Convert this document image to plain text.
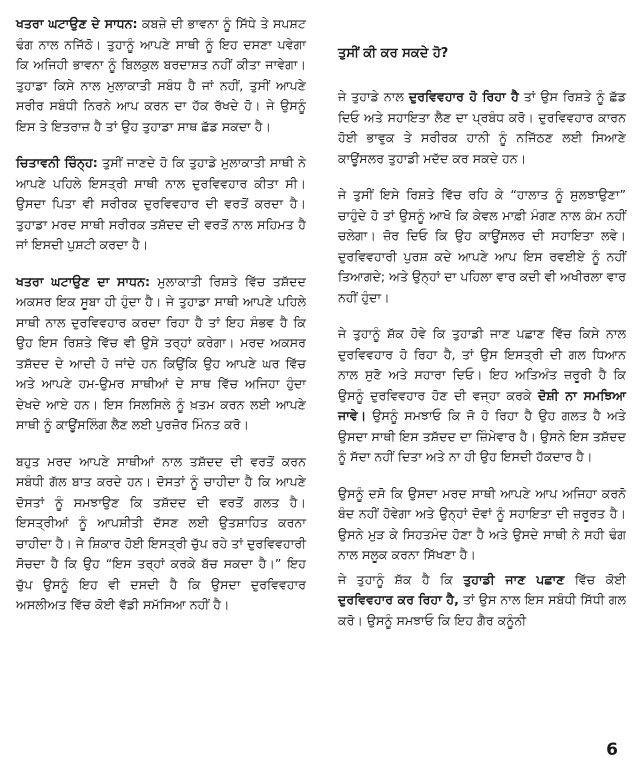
ਖਤਰਾ ਘਟਾਉਣ ਦੇ ਸਾਧਨ: ਕਬਜ਼ੇ ਦੀ ਭਾਵਨਾ ਨੂੰ ਸਿੱਧੇ ਤੇ ਸਪਸ਼ਟ ਢੰਗ ਨਾਲ ਨਜਿੱਠੋ। ਤੁਹਾਨੂੰ ਆਪਣੇ ਸਾਥੀ ਨੂੰ ਇਹ ਦਸਣਾ ਪਵੇਗਾ ਕਿ ਅਜਿਹੀ ਭਾਵਨਾ ਨੂੰ ਬਿਲਕੁਲ ਬਰਦਾਸ਼ਤ ਨਹੀਂ ਕੀਤਾ ਜਾਵੇਗਾ। ਤੁਹਾਡਾ ਕਿਸੇ ਨਾਲ ਮੁਲਾਕਾਤੀ ਸਬੰਧ ਹੈ ਜਾਂ ਨਹੀਂ, ਤੁਸੀਂ ਆਪਣੇ ਸਰੀਰ ਸਬੰਧੀ ਨਿਰਨੇ ਆਪ ਕਰਨ ਦਾ ਹੱਕ ਰੱਖਦੇ ਹੋ। ਜੇ ਉਸਨੂੰ ਇਸ ਤੇ ਇਤਰਾਜ਼ ਹੈ ਤਾਂ ਉਹ ਤੁਹਾਡਾ ਸਾਥ ਛੱਡ ਸਕਦਾ ਹੈ।

ਚਿਤਾਵਨੀ ਚਿੰਨ੍ਹ: ਤੁਸੀਂ ਜਾਣਦੇ ਹੋ ਕਿ ਤੁਹਾਡੇ ਮੁਲਾਕਾਤੀ ਸਾਥੀ ਨੇ ਆਪਣੇ ਪਹਿਲੇ ਇਸਤ੍ਰੀ ਸਾਥੀ ਨਾਲ ਦੁਰਵਿਵਹਾਰ ਕੀਤਾ ਸੀ। ਉਸਦਾ ਪਿਤਾ ਵੀ ਸਰੀਰਕ ਦੁਰਵਿਵਹਾਰ ਦੀ ਵਰਤੋਂ ਕਰਦਾ ਹੈ। ਤੁਹਾਡਾ ਮਰਦ ਸਾਥੀ ਸਰੀਰਕ ਤਸ਼ੱਦਦ ਦੀ ਵਰਤੋਂ ਨਾਲ ਸਹਿਮਤ ਹੈ ਜਾਂ ਇਸਦੀ ਪੁਸ਼ਟੀ ਕਰਦਾ ਹੈ।

ਖਤਰਾ ਘਟਾਉਣ ਦਾ ਸਾਧਨ: ਮੁਲਾਕਾਤੀ ਰਿਸ਼ਤੇ ਵਿੱਚ ਤਸ਼ੱਦਦ ਅਕਸਰ ਇਕ ਸੂਬਾ ਹੀ ਹੁੰਦਾ ਹੈ। ਜੇ ਤੁਹਾਡਾ ਸਾਥੀ ਆਪਣੇ ਪਹਿਲੇ ਸਾਥੀ ਨਾਲ ਦੁਰਵਿਵਹਾਰ ਕਰਦਾ ਰਿਹਾ ਹੈ ਤਾਂ ਇਹ ਸੰਭਵ ਹੈ ਕਿ ਉਹ ਇਸ ਰਿਸ਼ਤੇ ਵਿੱਚ ਵੀ ਉਸੇ ਤਰ੍ਹਾਂ ਕਰੇਗਾ। ਮਰਦ ਅਕਸਰ ਤਸ਼ੱਦਦ ਦੇ ਆਦੀ ਹੋ ਜਾਂਦੇ ਹਨ ਕਿਉਂਕਿ ਉਹ ਆਪਣੇ ਘਰ ਵਿੱਚ ਅਤੇ ਆਪਣੇ ਹਮ-ਉਮਰ ਸਾਥੀਆਂ ਦੇ ਸਾਥ ਵਿੱਚ ਅਜਿਹਾ ਹੁੰਦਾ ਦੇਖਦੇ ਆਏ ਹਨ। ਇਸ ਸਿਲਸਿਲੇ ਨੂੰ ਖ਼ਤਮ ਕਰਨ ਲਈ ਆਪਣੇ ਸਾਥੀ ਨੂੰ ਕਾਊਂਸਲਿੰਗ ਲੈਣ ਲਈ ਪੁਰਜ਼ੋਰ ਮਿੰਨਤ ਕਰੋ।

ਬਹੁਤ ਮਰਦ ਆਪਣੇ ਸਾਥੀਆਂ ਨਾਲ ਤਸ਼ੱਦਦ ਦੀ ਵਰਤੋਂ ਕਰਨ ਸਬੰਧੀ ਗੱਲ ਬਾਤ ਕਰਦੇ ਹਨ। ਦੋਸਤਾਂ ਨੂੰ ਚਾਹੀਦਾ ਹੈ ਕਿ ਆਪਣੇ ਦੋਸਤਾਂ ਨੂੰ ਸਮਝਾਉਣ ਕਿ ਤਸ਼ੱਦਦ ਦੀ ਵਰਤੋਂ ਗਲਤ ਹੈ। ਇਸਤ੍ਰੀਆਂ ਨੂੰ ਆਪਸ਼ੀਤੀ ਦੱਸਣ ਲਈ ਉਤਸ਼ਾਹਿਤ ਕਰਨਾ ਚਾਹੀਦਾ ਹੈ। ਜੇ ਸ਼ਿਕਾਰ ਹੋਈ ਇਸਤ੍ਰੀ ਚੁੱਪ ਰਹੇ ਤਾਂ ਦੁਰਵਿਵਹਾਰੀ ਸੋਚਦਾ ਹੈ ਕਿ ਉਹ “ਇਸ ਤਰ੍ਹਾਂ ਕਰਕੇ ਬੱਚ ਸਕਦਾ ਹੈ।” ਇਹ ਚੁੱਪ ਉਸਨੂੰ ਇਹ ਵੀ ਦਸਦੀ ਹੈ ਕਿ ਉਸਦਾ ਦੁਰਵਿਵਹਾਰ ਅਸਲੀਅਤ ਵਿੱਚ ਕੋਈ ਵੱਡੀ ਸਮੱਸਿਆ ਨਹੀਂ ਹੈ।

ਤੁਸੀਂ ਕੀ ਕਰ ਸਕਦੇ ਹੋ?

ਜੇ ਤੁਹਾਡੇ ਨਾਲ ਦੁਰਵਿਵਹਾਰ ਹੋ ਰਿਹਾ ਹੈ ਤਾਂ ਉਸ ਰਿਸ਼ਤੇ ਨੂੰ ਛੱਡ ਦਿਓ ਅਤੇ ਸਹਾਇਤਾ ਲੈਣ ਦਾ ਪ੍ਰਬੰਧ ਕਰੋ। ਦੁਰਵਿਵਹਾਰ ਕਾਰਨ ਹੋਈ ਭਾਵੁਕ ਤੇ ਸਰੀਰਕ ਹਾਨੀ ਨੂੰ ਨਜਿੱਠਣ ਲਈ ਸਿਆਣੇ ਕਾਊਂਸਲਰ ਤੁਹਾਡੀ ਮਦੱਦ ਕਰ ਸਕਦੇ ਹਨ।

ਜੇ ਤੁਸੀਂ ਇਸੇ ਰਿਸ਼ਤੇ ਵਿੱਚ ਰਹਿ ਕੇ “ਹਾਲਾਤ ਨੂੰ ਸੁਲਝਾਉਣਾ” ਚਾਹੁੰਦੇ ਹੋ ਤਾਂ ਉਸਨੂੰ ਆਖੋ ਕਿ ਕੇਵਲ ਮਾਫ਼ੀ ਮੰਗਣ ਨਾਲ ਕੰਮ ਨਹੀਂ ਚਲੇਗਾ। ਜ਼ੋਰ ਦਿਓ ਕਿ ਉਹ ਕਾਊਂਸਲਰ ਦੀ ਸਹਾਇਤਾ ਲਵੇ। ਦੁਰਵਿਵਹਾਰੀ ਪੁਰਸ਼ ਕਦੇ ਆਪਣੇ ਆਪ ਇਸ ਰਵਈਏ ਨੂੰ ਨਹੀਂ ਤਿਆਗਦੇ; ਅਤੇ ਉਨ੍ਹਾਂ ਦਾ ਪਹਿਲਾ ਵਾਰ ਕਦੀ ਵੀ ਅਖੀਰਲਾ ਵਾਰ ਨਹੀਂ ਹੁੰਦਾ।

ਜੇ ਤੁਹਾਨੂੰ ਸ਼ੱਕ ਹੋਵੇ ਕਿ ਤੁਹਾਡੀ ਜਾਣ ਪਛਾਣ ਵਿੱਚ ਕਿਸੇ ਨਾਲ ਦੁਰਵਿਵਹਾਰ ਹੋ ਰਿਹਾ ਹੈ, ਤਾਂ ਉਸ ਇਸਤ੍ਰੀ ਦੀ ਗਲ ਧਿਆਨ ਨਾਲ ਸੁਣੋ ਅਤੇ ਸਹਾਰਾ ਦਿਓ। ਇਹ ਅਤਿਅੰਤ ਜ਼ਰੂਰੀ ਹੈ ਕਿ ਉਸਨੂੰ ਦੁਰਵਿਵਹਾਰ ਹੋਣ ਦੀ ਵਜ੍ਹਾ ਕਰਕੇ ਦੋਸ਼ੀ ਨਾ ਸਮਝਿਆ ਜਾਵੇ। ਉਸਨੂੰ ਸਮਝਾਓ ਕਿ ਜੋ ਹੋ ਰਿਹਾ ਹੈ ਉਹ ਗਲਤ ਹੈ ਅਤੇ ਉਸਦਾ ਸਾਥੀ ਇਸ ਤਸ਼ੱਦਦ ਦਾ ਜ਼ਿੰਮੇਵਾਰ ਹੈ। ਉਸਨੇ ਇਸ ਤਸ਼ੱਦਦ ਨੂੰ ਸੱਦਾ ਨਹੀਂ ਦਿਤਾ ਅਤੇ ਨਾ ਹੀ ਉਹ ਇਸਦੀ ਹੱਕਦਾਰ ਹੈ।

ਉਸਨੂੰ ਦਸੋ ਕਿ ਉਸਦਾ ਮਰਦ ਸਾਥੀ ਆਪਣੇ ਆਪ ਅਜਿਹਾ ਕਰਨੋ ਬੰਦ ਨਹੀਂ ਹੋਵੇਗਾ ਅਤੇ ਉਨ੍ਹਾਂ ਦੋਵਾਂ ਨੂੰ ਸਹਾਇਤਾ ਦੀ ਜ਼ਰੂਰਤ ਹੈ। ਉਸਨੇ ਮੁੜ ਕੇ ਸਿਹਤਮੰਦ ਹੋਣਾ ਹੈ ਅਤੇ ਉਸਦੇ ਸਾਥੀ ਨੇ ਸਹੀ ਢੰਗ ਨਾਲ ਸਲੂਕ ਕਰਨਾ ਸਿੱਖਣਾ ਹੈ।

ਜੇ ਤੁਹਾਨੂੰ ਸ਼ੱਕ ਹੈ ਕਿ ਤੁਹਾਡੀ ਜਾਣ ਪਛਾਣ ਵਿੱਚ ਕੋਈ ਦੁਰਵਿਵਹਾਰ ਕਰ ਰਿਹਾ ਹੈ, ਤਾਂ ਉਸ ਨਾਲ ਇਸ ਸਬੰਧੀ ਸਿੱਧੀ ਗਲ ਕਰੋ। ਉਸਨੂੰ ਸਮਝਾਓ ਕਿ ਇਹ ਗੈਰ ਕਨੂੰਨੀ

6
